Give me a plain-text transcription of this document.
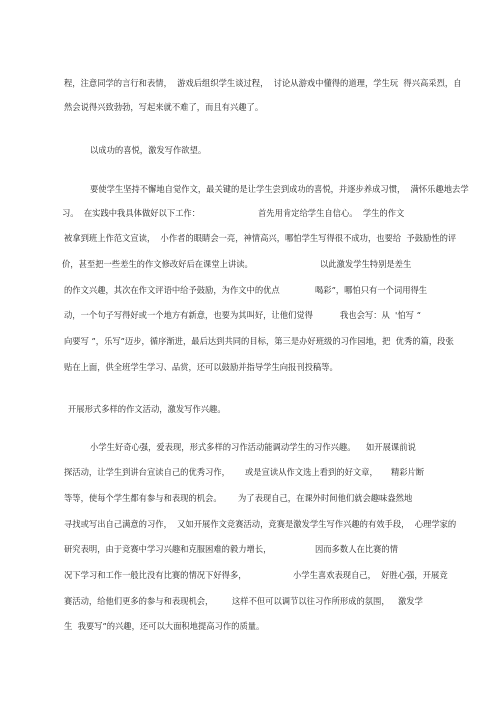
程，注意同学的言行和表情，  游戏后组织学生谈过程，  讨论从游戏中懂得的道理，学生玩  得兴高采烈，自

然会说得兴致勃勃，写起来就不难了，而且有兴趣了。

以成功的喜悦，激发写作欲望。

要使学生坚持不懈地自觉作文，最关键的是让学生尝到成功的喜悦，并逐步养成习惯，  满怀乐趣地去学

习。  在实践中我具体做好以下工作：

	首先用肯定给学生自信心。  学生的作文

被拿到班上作范文宣读，  小作者的眼睛会一亮，神情高兴，哪怕学生写得很不成功，也要给  予鼓励性的评

价，甚至把一些差生的作文修改好后在课堂上讲读。

	以此激发学生特别是差生

的作文兴趣，其次在作文评语中给予鼓励，为作文中的优点

	喝彩”，哪怕只有一个词用得生

动，一个句子写得好或一个地方有新意，也要为其叫好，让他们觉得

	我也会写：从  '怕写 “

向要写 ”，乐写”迈步，循序渐进，最后达到共同的目标，第三是办好班级的习作园地，把  优秀的篇，段张

贴在上面，供全班学生学习、品赏，还可以鼓励并指导学生向报刊投稿等。

开展形式多样的作文活动，激发写作兴趣。

小学生好奇心强，爱表现，形式多样的习作活动能调动学生的习作兴趣。

如开展课前说

探活动，让学生到讲台宣读自己的优秀习作，

或是宣读从作文选上看到的好文章，

精彩片断

等等，使每个学生都有参与和表现的机会。

为了表现自己，在课外时间他们就会趣味盎然地

寻找或写出自己满意的习作，  又如开展作文竞赛活动，竞赛是激发学生写作兴趣的有效手段，  心理学家的

研究表明，由于竞赛中学习兴趣和克服困难的毅力增长，

	因而多数人在比赛的情

况下学习和工作一般比没有比赛的情况下好得多，

	小学生喜欢表现自己，  好胜心强，开展竞

赛活动，给他们更多的参与和表现机会，

这样不但可以调节以往习作所形成的氛围，

激发学

生  我要写”的兴趣，还可以大面积地提高习作的质量。
